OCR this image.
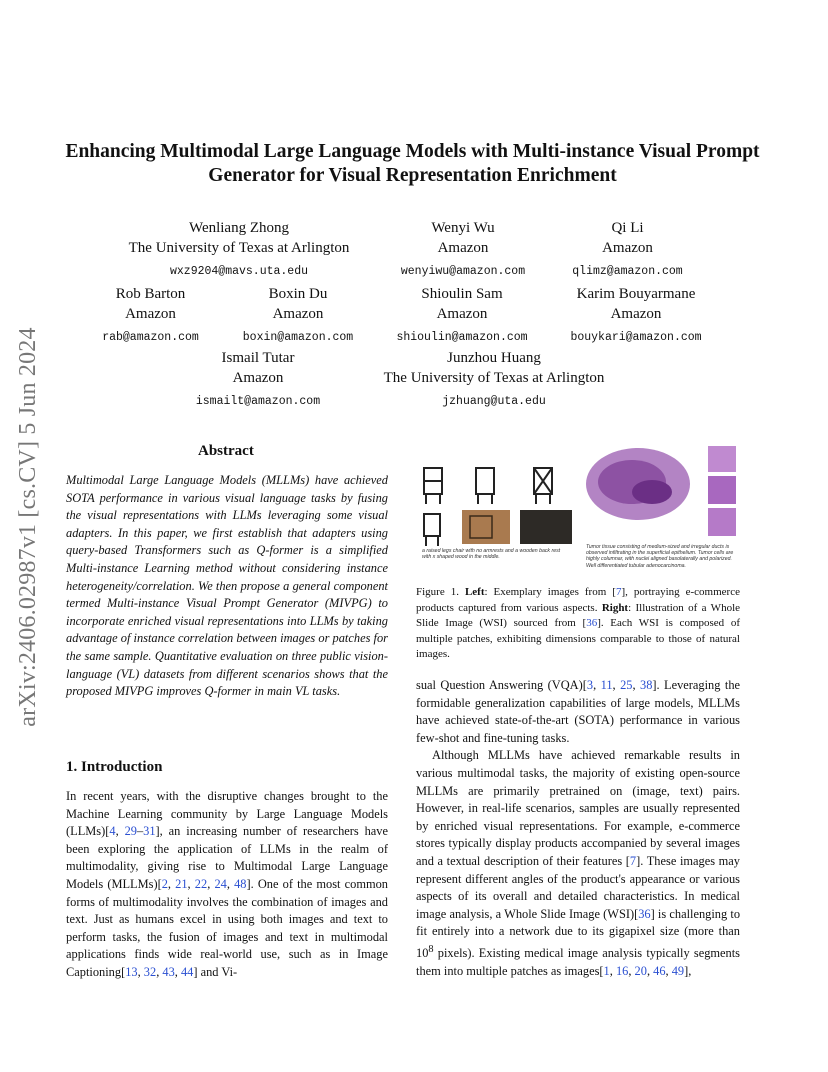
arXiv:2406.02987v1 [cs.CV] 5 Jun 2024
Enhancing Multimodal Large Language Models with Multi-instance Visual Prompt Generator for Visual Representation Enrichment
Wenliang Zhong
The University of Texas at Arlington
wxz9204@mavs.uta.edu
Wenyi Wu
Amazon
wenyiwu@amazon.com
Qi Li
Amazon
qlimz@amazon.com
Rob Barton
Amazon
rab@amazon.com
Boxin Du
Amazon
boxin@amazon.com
Shioulin Sam
Amazon
shioulin@amazon.com
Karim Bouyarmane
Amazon
bouykari@amazon.com
Ismail Tutar
Amazon
ismailt@amazon.com
Junzhou Huang
The University of Texas at Arlington
jzhuang@uta.edu
Abstract
Multimodal Large Language Models (MLLMs) have achieved SOTA performance in various visual language tasks by fusing the visual representations with LLMs leveraging some visual adapters. In this paper, we first establish that adapters using query-based Transformers such as Q-former is a simplified Multi-instance Learning method without considering instance heterogeneity/correlation. We then propose a general component termed Multi-instance Visual Prompt Generator (MIVPG) to incorporate enriched visual representations into LLMs by taking advantage of instance correlation between images or patches for the same sample. Quantitative evaluation on three public vision-language (VL) datasets from different scenarios shows that the proposed MIVPG improves Q-former in main VL tasks.
1. Introduction
In recent years, with the disruptive changes brought to the Machine Learning community by Large Language Models (LLMs)[4, 29–31], an increasing number of researchers have been exploring the application of LLMs in the realm of multimodality, giving rise to Multimodal Large Language Models (MLLMs)[2, 21, 22, 24, 48]. One of the most common forms of multimodality involves the combination of images and text. Just as humans excel in using both images and text to perform tasks, the fusion of images and text in multimodal applications finds wide real-world use, such as in Image Captioning[13, 32, 43, 44] and Vi-
a raised legs chair with no armrests and a wooden back rest with x shaped wood in the middle.
Tumor tissue consisting of medium-sized and irregular ducts is observed infiltrating in the superficial epithelium. Tumor cells are highly columnar, with nuclei aligned basolaterally and polarized. Well differentiated tubular adenocarcinoma.
Figure 1. Left: Exemplary images from [7], portraying e-commerce products captured from various aspects. Right: Illustration of a Whole Slide Image (WSI) sourced from [36]. Each WSI is composed of multiple patches, exhibiting dimensions comparable to those of natural images.

sual Question Answering (VQA)[3, 11, 25, 38]. Leveraging the formidable generalization capabilities of large models, MLLMs have achieved state-of-the-art (SOTA) performance in various few-shot and fine-tuning tasks.

Although MLLMs have achieved remarkable results in various multimodal tasks, the majority of existing open-source MLLMs are primarily pretrained on (image, text) pairs. However, in real-life scenarios, samples are usually represented by enriched visual representations. For example, e-commerce stores typically display products accompanied by several images and a textual description of their features [7]. These images may represent different angles of the product's appearance or various aspects of its overall and detailed characteristics. In medical image analysis, a Whole Slide Image (WSI)[36] is challenging to fit entirely into a network due to its gigapixel size (more than $10^8$ pixels). Existing medical image analysis typically segments them into multiple patches as images[1, 16, 20, 46, 49],
